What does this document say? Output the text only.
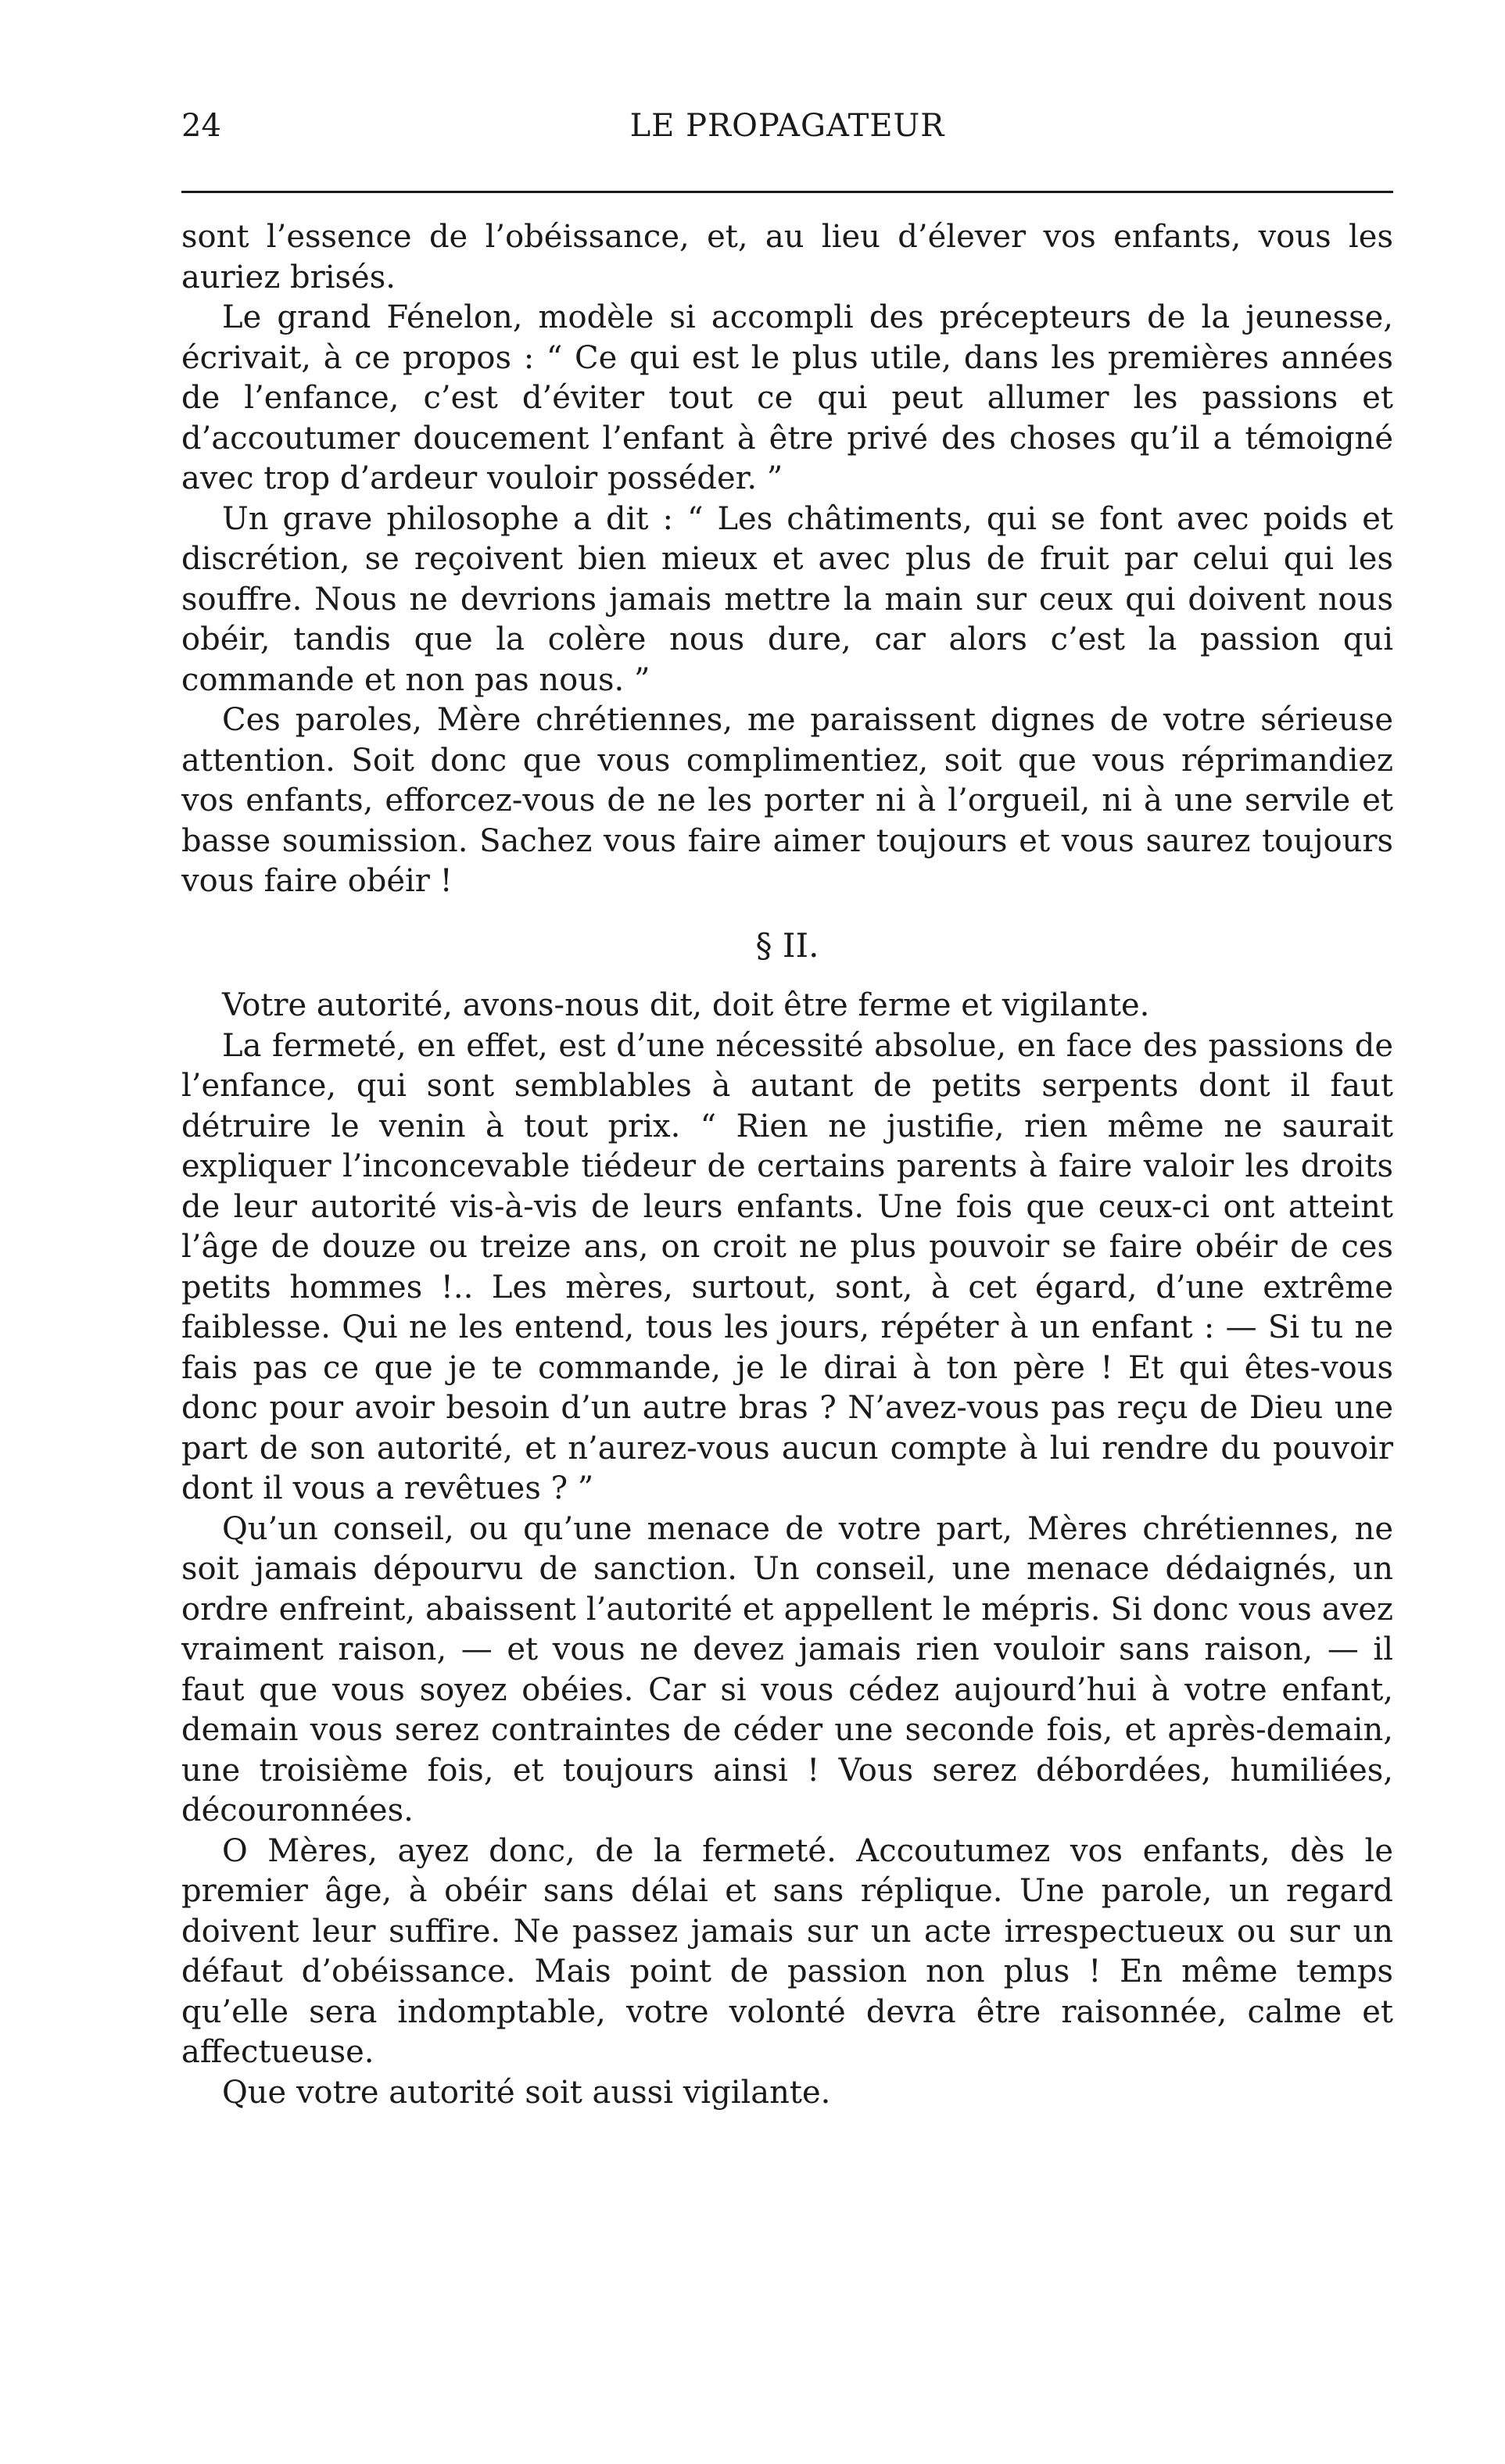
24	LE PROPAGATEUR

sont l’essence de l’obéissance, et, au lieu d’élever vos enfants, vous les auriez brisés.

Le grand Fénelon, modèle si accompli des précepteurs de la jeunesse, écrivait, à ce propos : “ Ce qui est le plus utile, dans les premières années de l’enfance, c’est d’éviter tout ce qui peut allumer les passions et d’accoutumer doucement l’enfant à être privé des choses qu’il a témoigné avec trop d’ardeur vouloir posséder. ”

Un grave philosophe a dit : “ Les châtiments, qui se font avec poids et discrétion, se reçoivent bien mieux et avec plus de fruit par celui qui les souffre. Nous ne devrions jamais mettre la main sur ceux qui doivent nous obéir, tandis que la colère nous dure, car alors c’est la passion qui commande et non pas nous. ”

Ces paroles, Mère chrétiennes, me paraissent dignes de votre sérieuse attention. Soit donc que vous complimentiez, soit que vous réprimandiez vos enfants, efforcez-vous de ne les porter ni à l’orgueil, ni à une servile et basse soumission. Sachez vous faire aimer toujours et vous saurez toujours vous faire obéir !

§ II.

Votre autorité, avons-nous dit, doit être ferme et vigilante.

La fermeté, en effet, est d’une nécessité absolue, en face des passions de l’enfance, qui sont semblables à autant de petits serpents dont il faut détruire le venin à tout prix. “ Rien ne justifie, rien même ne saurait expliquer l’inconcevable tiédeur de certains parents à faire valoir les droits de leur autorité vis-à-vis de leurs enfants. Une fois que ceux-ci ont atteint l’âge de douze ou treize ans, on croit ne plus pouvoir se faire obéir de ces petits hommes !.. Les mères, surtout, sont, à cet égard, d’une extrême faiblesse. Qui ne les entend, tous les jours, répéter à un enfant : — Si tu ne fais pas ce que je te commande, je le dirai à ton père ! Et qui êtes-vous donc pour avoir besoin d’un autre bras ? N’avez-vous pas reçu de Dieu une part de son autorité, et n’aurez-vous aucun compte à lui rendre du pouvoir dont il vous a revêtues ? ”

Qu’un conseil, ou qu’une menace de votre part, Mères chrétiennes, ne soit jamais dépourvu de sanction. Un conseil, une menace dédaignés, un ordre enfreint, abaissent l’autorité et appellent le mépris. Si donc vous avez vraiment raison, — et vous ne devez jamais rien vouloir sans raison, — il faut que vous soyez obéies. Car si vous cédez aujourd’hui à votre enfant, demain vous serez contraintes de céder une seconde fois, et après-demain, une troisième fois, et toujours ainsi ! Vous serez débordées, humiliées, découronnées.

O Mères, ayez donc, de la fermeté. Accoutumez vos enfants, dès le premier âge, à obéir sans délai et sans réplique. Une parole, un regard doivent leur suffire. Ne passez jamais sur un acte irrespectueux ou sur un défaut d’obéissance. Mais point de passion non plus ! En même temps qu’elle sera indomptable, votre volonté devra être raisonnée, calme et affectueuse.

Que votre autorité soit aussi vigilante.
